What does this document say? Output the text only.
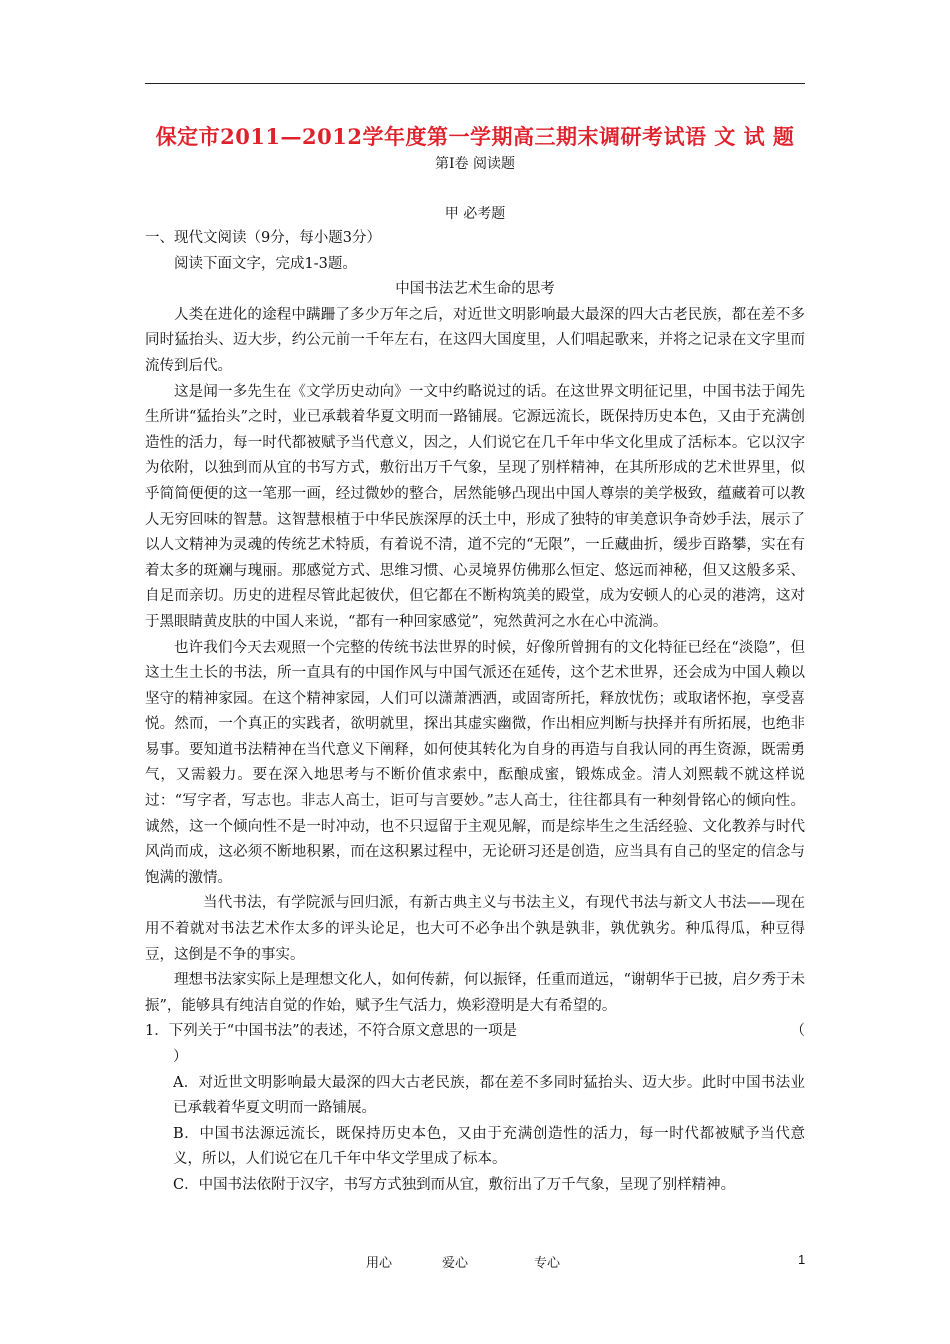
保定市2011—2012学年度第一学期高三期末调研考试语 文 试 题
第Ⅰ卷 阅读题
甲 必考题

一、现代文阅读（9分，每小题3分）

阅读下面文字，完成1-3题。

中国书法艺术生命的思考

人类在进化的途程中蹒跚了多少万年之后，对近世文明影响最大最深的四大古老民族，都在差不多同时猛抬头、迈大步，约公元前一千年左右，在这四大国度里，人们唱起歌来，并将之记录在文字里而流传到后代。

这是闻一多先生在《文学历史动向》一文中约略说过的话。在这世界文明征记里，中国书法于闻先生所讲“猛抬头”之时，业已承载着华夏文明而一路铺展。它源远流长，既保持历史本色，又由于充满创造性的活力，每一时代都被赋予当代意义，因之，人们说它在几千年中华文化里成了活标本。它以汉字为依附，以独到而从宜的书写方式，敷衍出万千气象，呈现了别样精神，在其所形成的艺术世界里，似乎简简便便的这一笔那一画，经过微妙的整合，居然能够凸现出中国人尊崇的美学极致，蕴藏着可以教人无穷回味的智慧。这智慧根植于中华民族深厚的沃土中，形成了独特的审美意识争奇妙手法，展示了以人文精神为灵魂的传统艺术特质，有着说不清，道不完的“无限”，一丘藏曲折，缓步百路攀，实在有着太多的斑斓与瑰丽。那感觉方式、思维习惯、心灵境界仿佛那么恒定、悠远而神秘，但又这般多采、自足而亲切。历史的进程尽管此起彼伏，但它都在不断构筑美的殿堂，成为安顿人的心灵的港湾，这对于黑眼睛黄皮肤的中国人来说，“都有一种回家感觉”，宛然黄河之水在心中流淌。

也许我们今天去观照一个完整的传统书法世界的时候，好像所曾拥有的文化特征已经在“淡隐”，但这土生土长的书法，所一直具有的中国作风与中国气派还在延传，这个艺术世界，还会成为中国人赖以坚守的精神家园。在这个精神家园，人们可以潇萧洒洒，或固寄所托，释放忧伤；或取诸怀抱，享受喜悦。然而，一个真正的实践者，欲明就里，探出其虚实幽微，作出相应判断与抉择并有所拓展，也绝非易事。要知道书法精神在当代意义下阐释，如何使其转化为自身的再造与自我认同的再生资源，既需勇气，又需毅力。要在深入地思考与不断价值求索中，酝酿成蜜，锻炼成金。清人刘熙载不就这样说过：“写字者，写志也。非志人高士，讵可与言要妙。”志人高士，往往都具有一种刻骨铭心的倾向性。诚然，这一个倾向性不是一时冲动，也不只逗留于主观见解，而是综毕生之生活经验、文化教养与时代风尚而成，这必须不断地积累，而在这积累过程中，无论研习还是创造，应当具有自己的坚定的信念与饱满的激情。

当代书法，有学院派与回归派，有新古典主义与书法主义，有现代书法与新文人书法——现在用不着就对书法艺术作太多的评头论足，也大可不必争出个孰是孰非，孰优孰劣。种瓜得瓜，种豆得豆，这倒是不争的事实。

理想书法家实际上是理想文化人，如何传薪，何以振铎，任重而道远，“谢朝华于已披，启夕秀于未振”，能够具有纯洁自觉的作始，赋予生气活力，焕彩澄明是大有希望的。

1．下列关于“中国书法”的表述，不符合原文意思的一项是	（

）

A．对近世文明影响最大最深的四大古老民族，都在差不多同时猛抬头、迈大步。此时中国书法业已承载着华夏文明而一路铺展。

B．中国书法源远流长，既保持历史本色，又由于充满创造性的活力，每一时代都被赋予当代意义，所以，人们说它在几千年中华文学里成了标本。

C．中国书法依附于汉字，书写方式独到而从宜，敷衍出了万千气象，呈现了别样精神。

用心	爱心	专心	1
